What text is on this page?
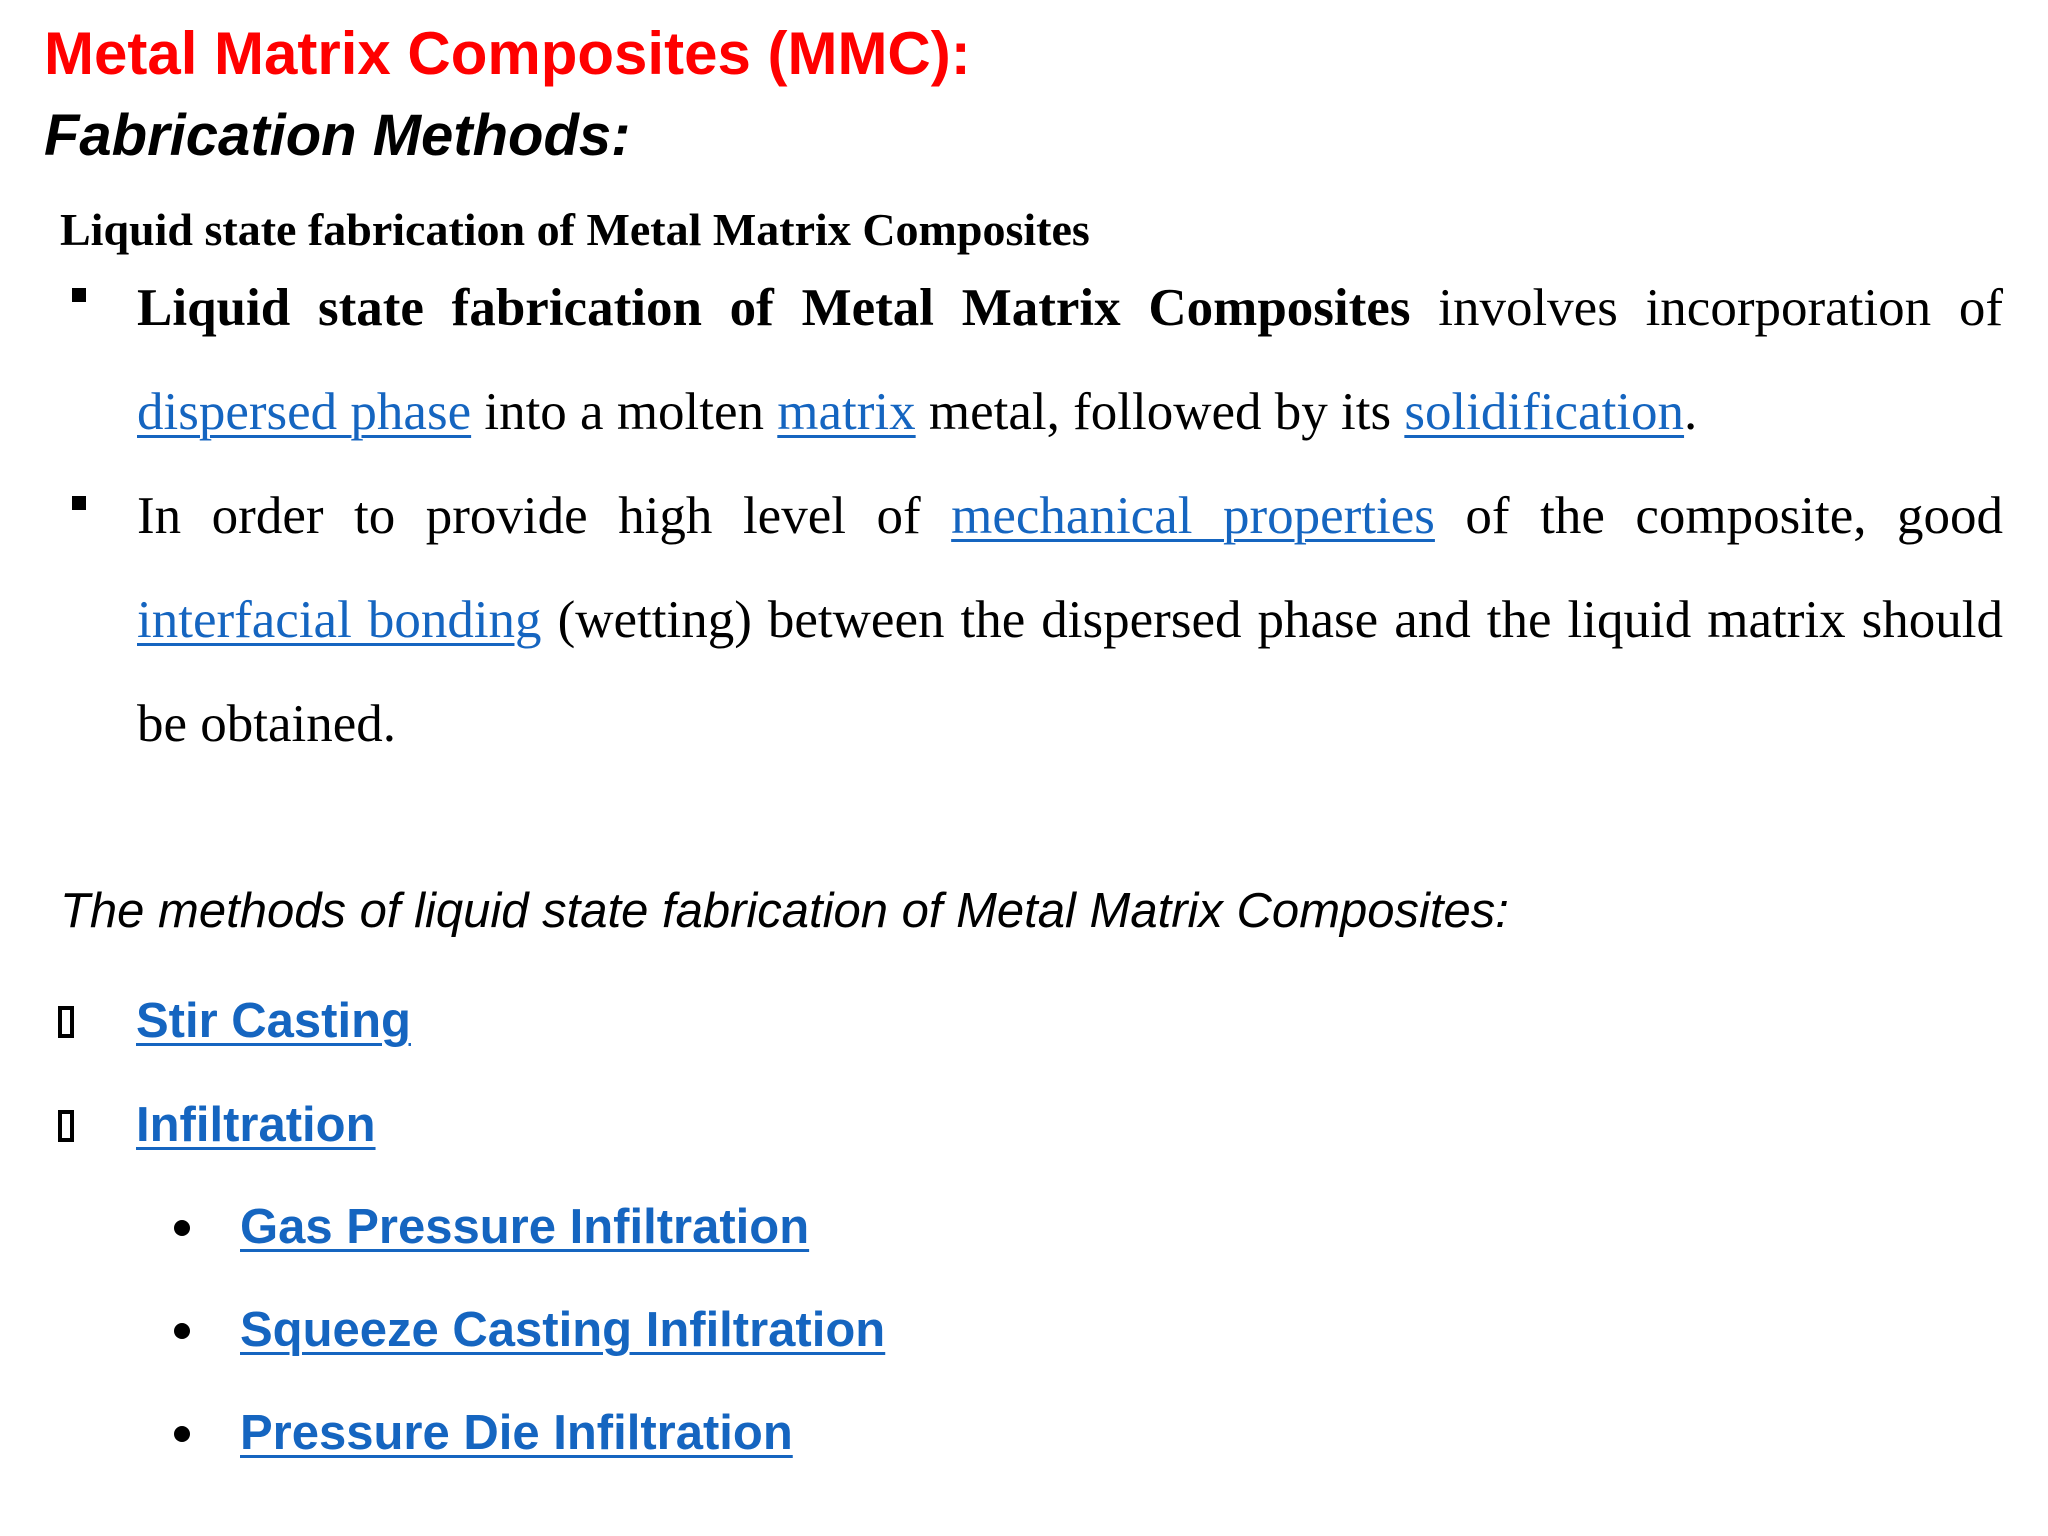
Metal Matrix Composites (MMC):
Fabrication Methods:
Liquid state fabrication of Metal Matrix Composites
Liquid state fabrication of Metal Matrix Composites involves incorporation of dispersed phase into a molten matrix metal, followed by its solidification.
In order to provide high level of mechanical properties of the composite, good interfacial bonding (wetting) between the dispersed phase and the liquid matrix should be obtained.
The methods of liquid state fabrication of Metal Matrix Composites:
Stir Casting
Infiltration
Gas Pressure Infiltration
Squeeze Casting Infiltration
Pressure Die Infiltration
